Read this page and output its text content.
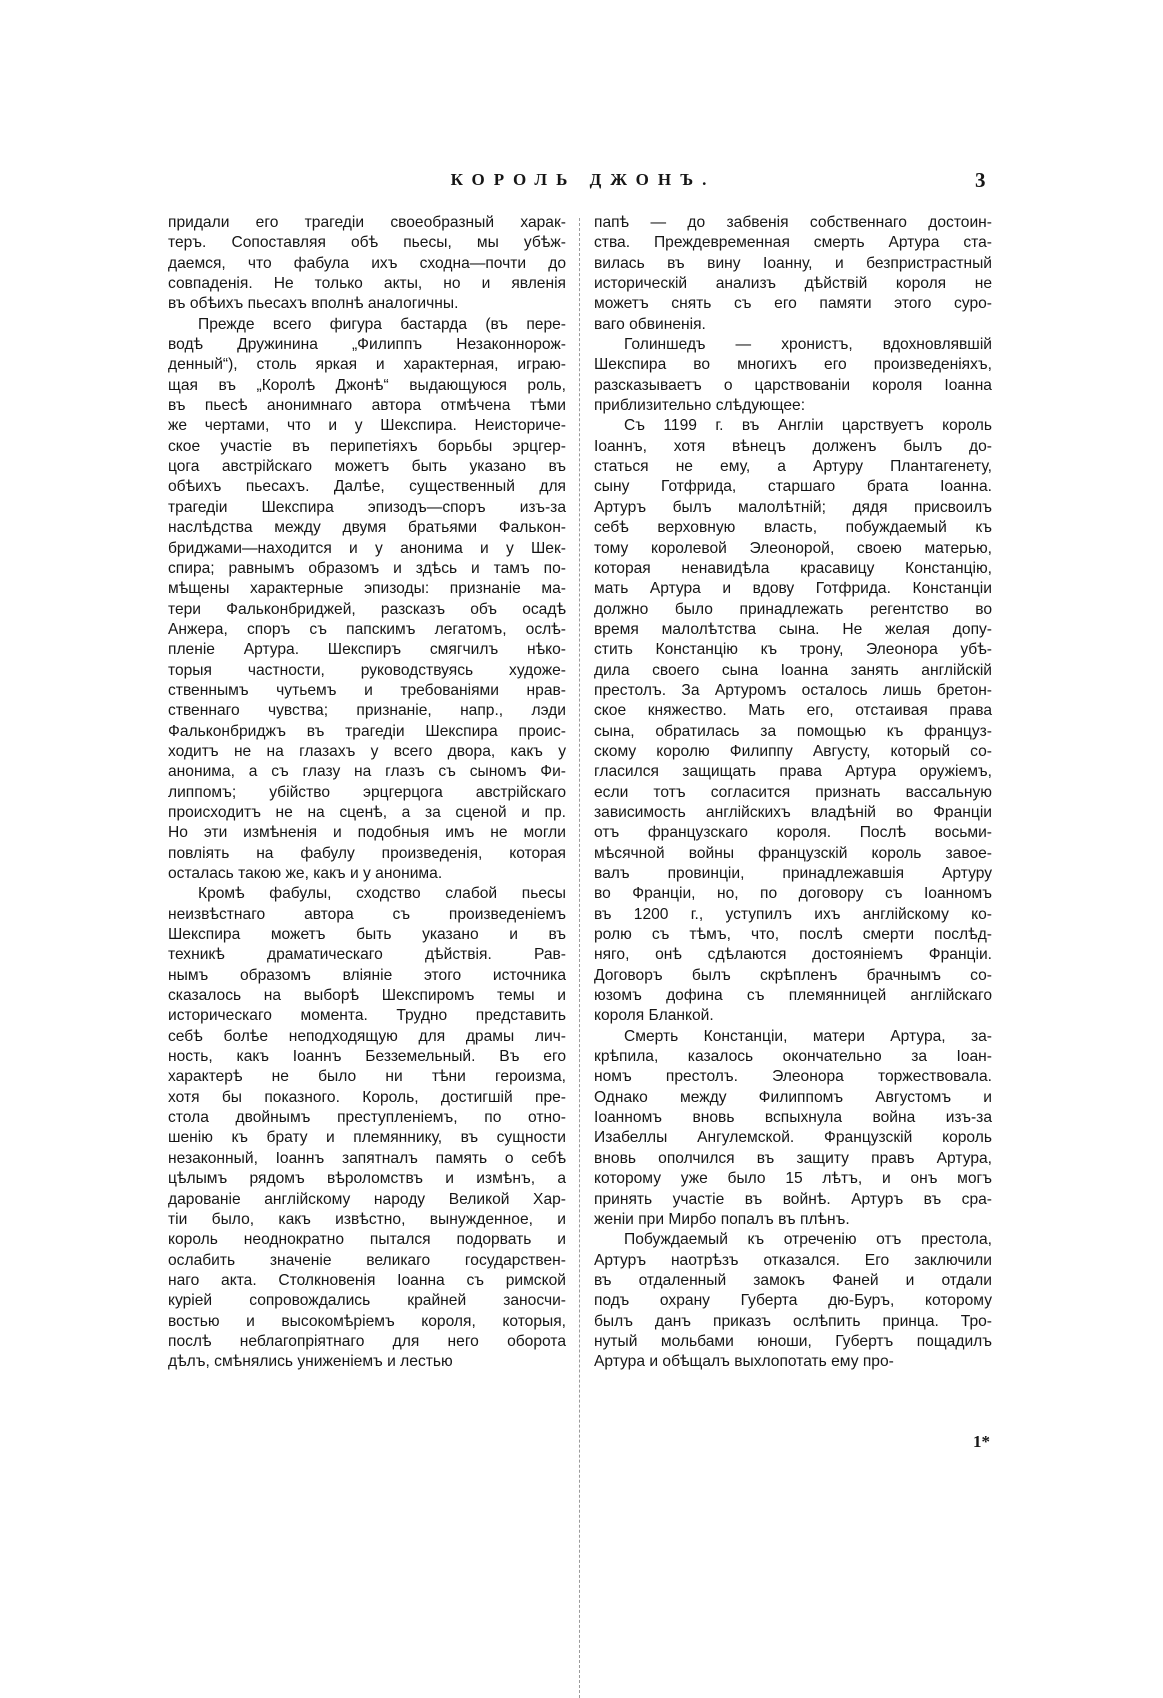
КОРОЛЬ ДЖОНЪ.	3

придали его трагедіи своеобразный харак-
теръ. Сопоставляя обѣ пьесы, мы убѣж-
даемся, что фабула ихъ сходна—почти до
совпаденія. Не только акты, но и явленія
въ обѣихъ пьесахъ вполнѣ аналогичны.

Прежде всего фигура бастарда (въ пере-
водѣ Дружинина „Филиппъ Незаконнорож-
денный“), столь яркая и характерная, играю-
щая въ „Королѣ Джонѣ“ выдающуюся роль,
въ пьесѣ анонимнаго автора отмѣчена тѣми
же чертами, что и у Шекспира. Неисториче-
ское участіе въ перипетіяхъ борьбы эрцгер-
цога австрійскаго можетъ быть указано въ
обѣихъ пьесахъ. Далѣе, существенный для
трагедіи Шекспира эпизодъ—споръ изъ-за
наслѣдства между двумя братьями Фалькон-
бриджами—находится и у анонима и у Шек-
спира; равнымъ образомъ и здѣсь и тамъ по-
мѣщены характерные эпизоды: признаніе ма-
тери Фальконбриджей, разсказъ объ осадѣ
Анжера, споръ съ папскимъ легатомъ, ослѣ-
пленіе Артура. Шекспиръ смягчилъ нѣко-
торыя частности, руководствуясь художе-
ственнымъ чутьемъ и требованіями нрав-
ственнаго чувства; признаніе, напр., лэди
Фальконбриджъ въ трагедіи Шекспира проис-
ходитъ не на глазахъ у всего двора, какъ у
анонима, а съ глазу на глазъ съ сыномъ Фи-
липпомъ; убійство эрцгерцога австрійскаго
происходитъ не на сценѣ, а за сценой и пр.
Но эти измѣненія и подобныя имъ не могли
повліять на фабулу произведенія, которая
осталась такою же, какъ и у анонима.

Кромѣ фабулы, сходство слабой пьесы
неизвѣстнаго автора съ произведеніемъ
Шекспира можетъ быть указано и въ
техникѣ драматическаго дѣйствія. Рав-
нымъ образомъ вліяніе этого источника
сказалось на выборѣ Шекспиромъ темы и
историческаго момента. Трудно представить
себѣ болѣе неподходящую для драмы лич-
ность, какъ Іоаннъ Безземельный. Въ его
характерѣ не было ни тѣни героизма,
хотя бы показного. Король, достигшій пре-
стола двойнымъ преступленіемъ, по отно-
шенію къ брату и племяннику, въ сущности
незаконный, Іоаннъ запятналъ память о себѣ
цѣлымъ рядомъ вѣроломствъ и измѣнъ, а
дарованіе англійскому народу Великой Хар-
тіи было, какъ извѣстно, вынужденное, и
король неоднократно пытался подорвать и
ослабить значеніе великаго государствен-
наго акта. Столкновенія Іоанна съ римской
куріей сопровождались крайней заносчи-
востью и высокомѣріемъ короля, которыя,
послѣ неблагопріятнаго для него оборота
дѣлъ, смѣнялись униженіемъ и лестью

папѣ — до забвенія собственнаго достоин-
ства. Преждевременная смерть Артура ста-
вилась въ вину Іоанну, и безпристрастный
историческій анализъ дѣйствій короля не
можетъ снять съ его памяти этого суро-
ваго обвиненія.

Голиншедъ — хронистъ, вдохновлявшій
Шекспира во многихъ его произведеніяхъ,
разсказываетъ о царствованіи короля Іоанна
приблизительно слѣдующее:

Съ 1199 г. въ Англіи царствуетъ король
Іоаннъ, хотя вѣнецъ долженъ былъ до-
статься не ему, а Артуру Плантагенету,
сыну Готфрида, старшаго брата Іоанна.
Артуръ былъ малолѣтній; дядя присвоилъ
себѣ верховную власть, побуждаемый къ
тому королевой Элеонорой, своею матерью,
которая ненавидѣла красавицу Констанцію,
мать Артура и вдову Готфрида. Констанціи
должно было принадлежать регентство во
время малолѣтства сына. Не желая допу-
стить Констанцію къ трону, Элеонора убѣ-
дила своего сына Іоанна занять англійскій
престолъ. За Артуромъ осталось лишь бретон-
ское княжество. Мать его, отстаивая права
сына, обратилась за помощью къ француз-
скому королю Филиппу Августу, который со-
гласился защищать права Артура оружіемъ,
если тотъ согласится признать вассальную
зависимость англійскихъ владѣній во Франціи
отъ французскаго короля. Послѣ восьми-
мѣсячной войны французскій король завое-
валъ провинціи, принадлежавшія Артуру
во Франціи, но, по договору съ Іоанномъ
въ 1200 г., уступилъ ихъ англійскому ко-
ролю съ тѣмъ, что, послѣ смерти послѣд-
няго, онѣ сдѣлаются достояніемъ Франціи.
Договоръ былъ скрѣпленъ брачнымъ со-
юзомъ дофина съ племянницей англійскаго
короля Бланкой.

Смерть Констанціи, матери Артура, за-
крѣпила, казалось окончательно за Іоан-
номъ престолъ. Элеонора торжествовала.
Однако между Филиппомъ Августомъ и
Іоанномъ вновь вспыхнула война изъ-за
Изабеллы Ангулемской. Французскій король
вновь ополчился въ защиту правъ Артура,
которому уже было 15 лѣтъ, и онъ могъ
принять участіе въ войнѣ. Артуръ въ сра-
женіи при Мирбо попалъ въ плѣнъ.

Побуждаемый къ отреченію отъ престола,
Артуръ наотрѣзъ отказался. Его заключили
въ отдаленный замокъ Фаней и отдали
подъ охрану Губерта дю-Буръ, которому
былъ данъ приказъ ослѣпить принца. Тро-
нутый мольбами юноши, Губертъ пощадилъ
Артура и обѣщалъ выхлопотать ему про-

1*
